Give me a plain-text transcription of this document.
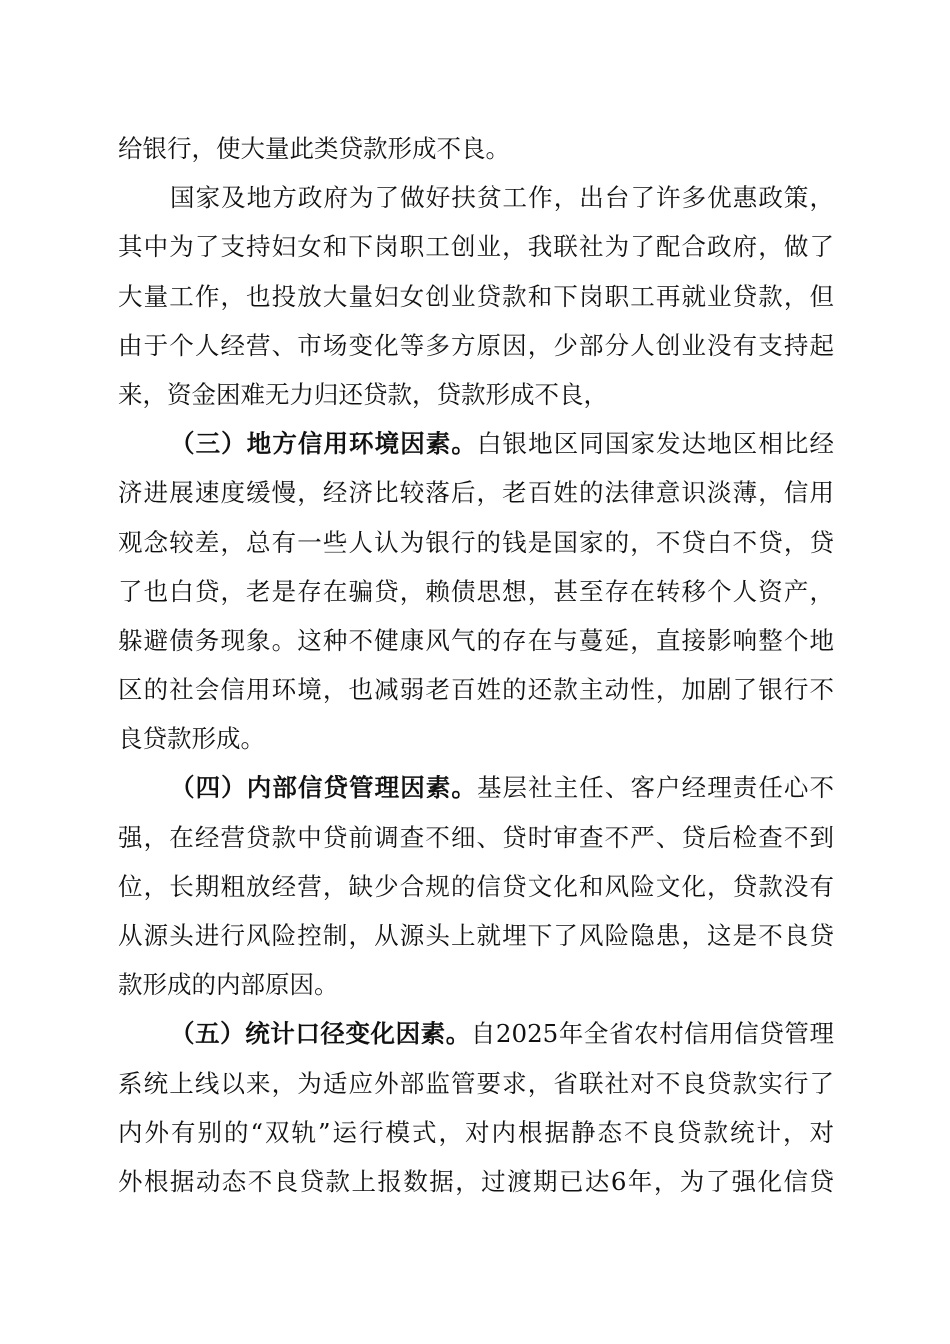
给银行，使大量此类贷款形成不良。
国家及地方政府为了做好扶贫工作，出台了许多优惠政策，
其中为了支持妇女和下岗职工创业，我联社为了配合政府，做了
大量工作，也投放大量妇女创业贷款和下岗职工再就业贷款，但
由于个人经营、市场变化等多方原因，少部分人创业没有支持起
来，资金困难无力归还贷款，贷款形成不良，
（三）地方信用环境因素。白银地区同国家发达地区相比经
济进展速度缓慢，经济比较落后，老百姓的法律意识淡薄，信用
观念较差，总有一些人认为银行的钱是国家的，不贷白不贷，贷
了也白贷，老是存在骗贷，赖债思想，甚至存在转移个人资产，
躲避债务现象。这种不健康风气的存在与蔓延，直接影响整个地
区的社会信用环境，也减弱老百姓的还款主动性，加剧了银行不
良贷款形成。
（四）内部信贷管理因素。基层社主任、客户经理责任心不
强，在经营贷款中贷前调查不细、贷时审查不严、贷后检查不到
位，长期粗放经营，缺少合规的信贷文化和风险文化，贷款没有
从源头进行风险控制，从源头上就埋下了风险隐患，这是不良贷
款形成的内部原因。
（五）统计口径变化因素。自2025年全省农村信用信贷管理
系统上线以来，为适应外部监管要求，省联社对不良贷款实行了
内外有别的“双轨”运行模式，对内根据静态不良贷款统计，对
外根据动态不良贷款上报数据，过渡期已达6年，为了强化信贷
